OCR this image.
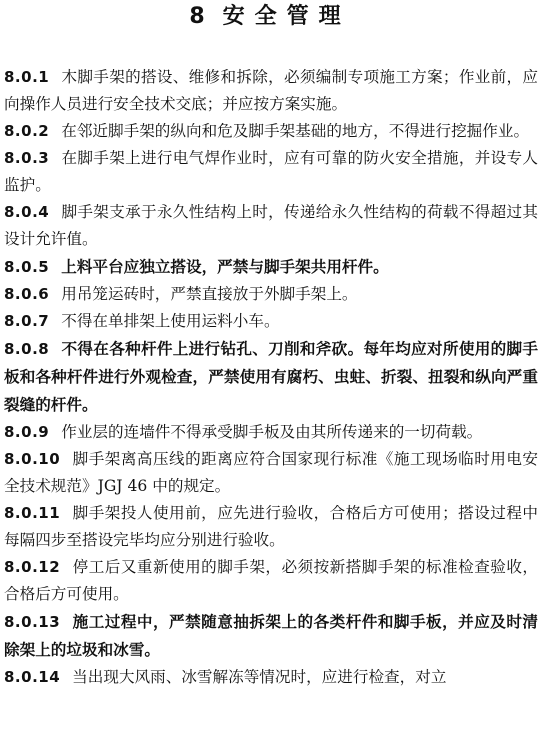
8 安全管理

8.0.1 木脚手架的搭设、维修和拆除，必须编制专项施工方案；作业前，应向操作人员进行安全技术交底；并应按方案实施。

8.0.2 在邻近脚手架的纵向和危及脚手架基础的地方，不得进行挖掘作业。

8.0.3 在脚手架上进行电气焊作业时，应有可靠的防火安全措施，并设专人监护。

8.0.4 脚手架支承于永久性结构上时，传递给永久性结构的荷载不得超过其设计允许值。

8.0.5 上料平台应独立搭设，严禁与脚手架共用杆件。

8.0.6 用吊笼运砖时，严禁直接放于外脚手架上。

8.0.7 不得在单排架上使用运料小车。

8.0.8 不得在各种杆件上进行钻孔、刀削和斧砍。每年均应对所使用的脚手板和各种杆件进行外观检查，严禁使用有腐朽、虫蛀、折裂、扭裂和纵向严重裂缝的杆件。

8.0.9 作业层的连墙件不得承受脚手板及由其所传递来的一切荷载。

8.0.10 脚手架离高压线的距离应符合国家现行标准《施工现场临时用电安全技术规范》JGJ 46 中的规定。

8.0.11 脚手架投人使用前，应先进行验收，合格后方可使用；搭设过程中每隔四步至搭设完毕均应分别进行验收。

8.0.12 停工后又重新使用的脚手架，必须按新搭脚手架的标准检查验收，合格后方可使用。

8.0.13 施工过程中，严禁随意抽拆架上的各类杆件和脚手板，并应及时清除架上的垃圾和冰雪。

8.0.14 当出现大风雨、冰雪解冻等情况时，应进行检查，对立
